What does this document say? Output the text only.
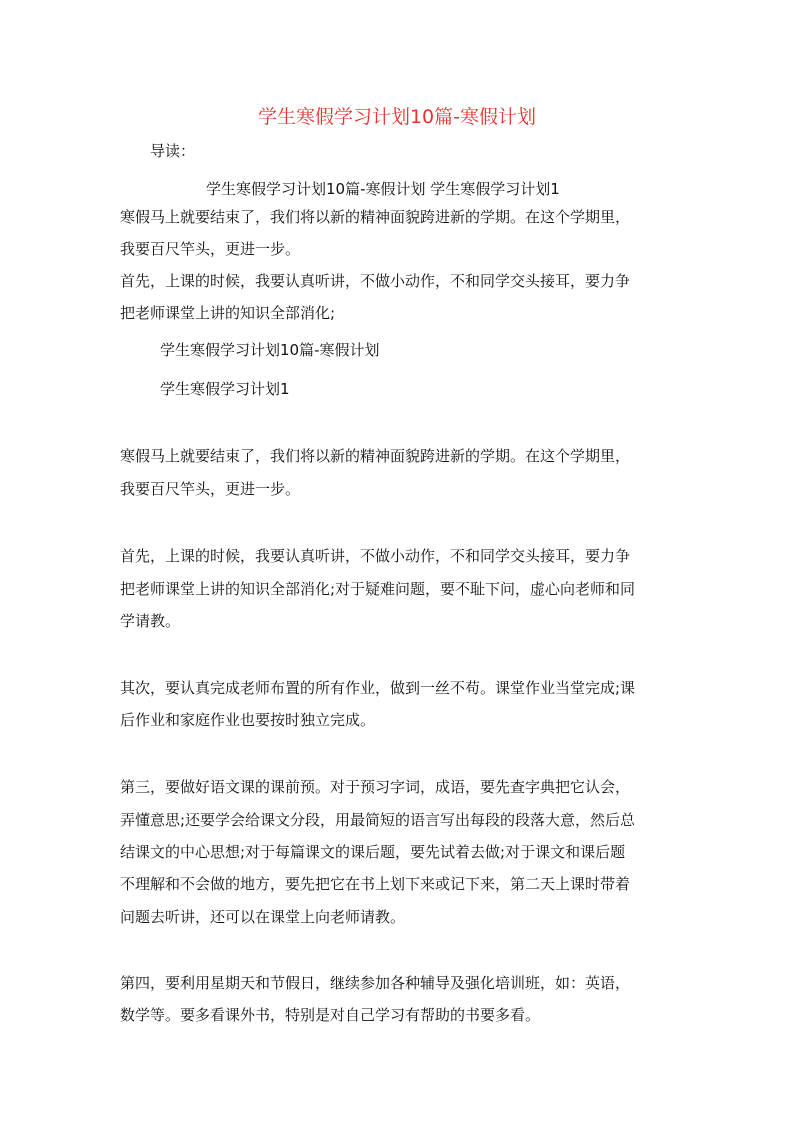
学生寒假学习计划10篇-寒假计划

导读：

学生寒假学习计划10篇-寒假计划 学生寒假学习计划1

寒假马上就要结束了，我们将以新的精神面貌跨进新的学期。在这个学期里，

我要百尺竿头，更进一步。

首先，上课的时候，我要认真听讲，不做小动作，不和同学交头接耳，要力争

把老师课堂上讲的知识全部消化;

学生寒假学习计划10篇-寒假计划

学生寒假学习计划1

寒假马上就要结束了，我们将以新的精神面貌跨进新的学期。在这个学期里，

我要百尺竿头，更进一步。

首先，上课的时候，我要认真听讲，不做小动作，不和同学交头接耳，要力争

把老师课堂上讲的知识全部消化;对于疑难问题，要不耻下问，虚心向老师和同

学请教。

其次，要认真完成老师布置的所有作业，做到一丝不苟。课堂作业当堂完成;课

后作业和家庭作业也要按时独立完成。

第三，要做好语文课的课前预。对于预习字词，成语，要先查字典把它认会，

弄懂意思;还要学会给课文分段，用最简短的语言写出每段的段落大意，然后总

结课文的中心思想;对于每篇课文的课后题，要先试着去做;对于课文和课后题

不理解和不会做的地方，要先把它在书上划下来或记下来，第二天上课时带着

问题去听讲，还可以在课堂上向老师请教。

第四，要利用星期天和节假日，继续参加各种辅导及强化培训班，如：英语，

数学等。要多看课外书，特别是对自己学习有帮助的书要多看。
